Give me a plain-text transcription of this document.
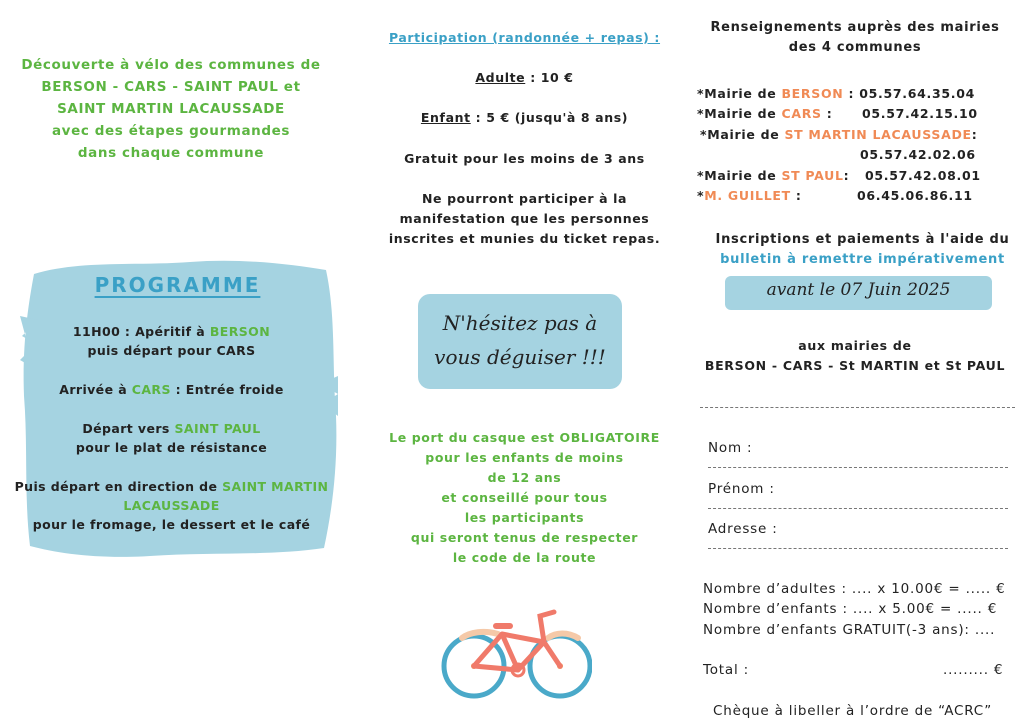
Découverte à vélo des communes de
BERSON - CARS - SAINT PAUL et
SAINT MARTIN LACAUSSADE
avec des étapes gourmandes
dans chaque commune
PROGRAMME
11H00 : Apéritif à BERSON
puis départ pour CARS
Arrivée à CARS : Entrée froide
Départ vers SAINT PAUL
pour le plat de résistance
Puis départ en direction de SAINT MARTIN
LACAUSSADE
pour le fromage, le dessert et le café
Participation (randonnée + repas) :
Adulte : 10 €
Enfant : 5 € (jusqu'à 8 ans)
Gratuit pour les moins de 3 ans
Ne pourront participer à la
manifestation que les personnes
inscrites et munies du ticket repas.
N'hésitez pas à
vous déguiser !!!
Le port du casque est OBLIGATOIRE
pour les enfants de moins
de 12 ans
et conseillé pour tous
les participants
qui seront tenus de respecter
le code de la route
Renseignements auprès des mairies
des 4 communes
*Mairie de BERSON : 05.57.64.35.04
*Mairie de CARS : 05.57.42.15.10
*Mairie de ST MARTIN LACAUSSADE:
05.57.42.02.06
*Mairie de ST PAUL: 05.57.42.08.01
*M. GUILLET :	06.45.06.86.11
Inscriptions et paiements à l'aide du
bulletin à remettre impérativement
avant le 07 Juin 2025
aux mairies de
BERSON - CARS - St MARTIN et St PAUL
Nom :
Prénom :
Adresse :
Nombre d’adultes : .... x 10.00€ = ..... €
Nombre d’enfants : .... x 5.00€ = ..... €
Nombre d’enfants GRATUIT(-3 ans): ....
Total :	......... €
Chèque à libeller à l’ordre de “ACRC”
